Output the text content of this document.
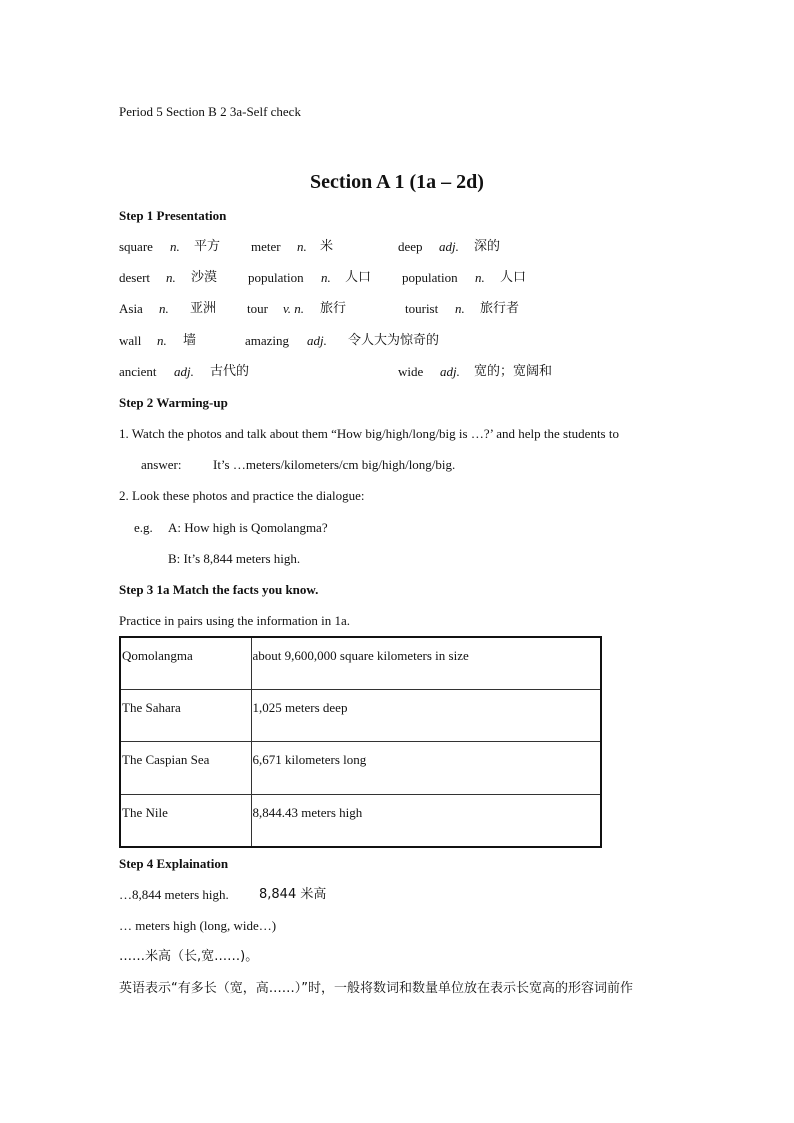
Period 5 Section B 2 3a-Self check
Section A 1 (1a – 2d)
Step 1 Presentation
square n. 平方 meter n. 米	deep adj. 深的
desert n. 沙漠 population n. 人口 population n. 人口
Asia n. 亚洲 tour v. n. 旅行	tourist n. 旅行者
wall n. 墙	amazing adj. 令人大为惊奇的
ancient adj. 古代的	wide adj. 宽的；宽阔和
Step 2 Warming-up
1. Watch the photos and talk about them “How big/high/long/big is …?’ and help the students to
answer: It’s …meters/kilometers/cm big/high/long/big.
2. Look these photos and practice the dialogue:
e.g. A: How high is Qomolangma?
B: It’s 8,844 meters high.
Step 3 1a Match the facts you know.
Practice in pairs using the information in 1a.
Qomolangma	about 9,600,000 square kilometers in size
The Sahara	1,025 meters deep
The Caspian Sea	6,671 kilometers long
The Nile	8,844.43 meters high
Step 4 Explaination
…8,844 meters high. 8,844 米高
… meters high (long, wide…)
……米高（长,宽……)。
英语表示“有多长（宽，高……）”时，一般将数词和数量单位放在表示长宽高的形容词前作
